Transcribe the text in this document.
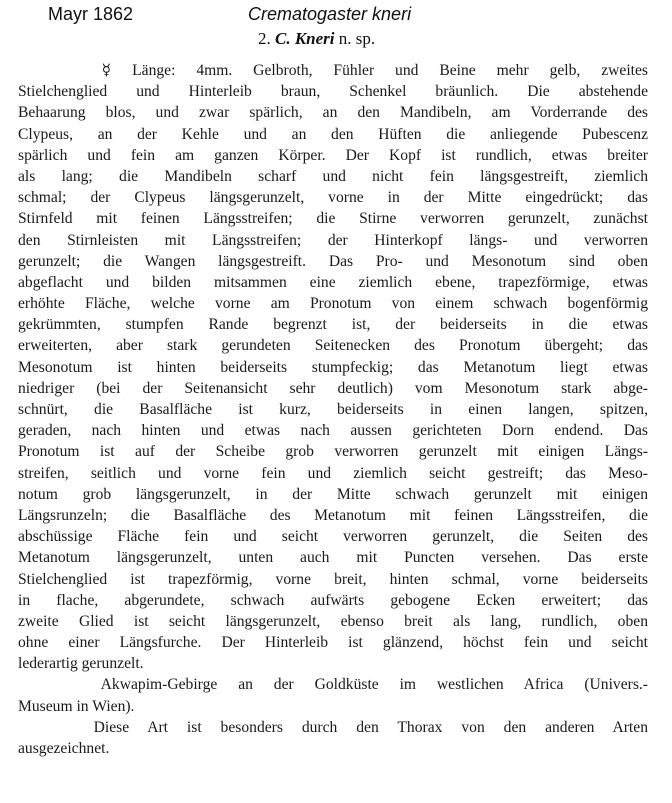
Mayr 1862	Crematogaster kneri
2. C. Kneri n. sp.
☿ Länge: 4mm. Gelbroth, Fühler und Beine mehr gelb, zweites
Stielchenglied und Hinterleib braun, Schenkel bräunlich. Die abstehende
Behaarung blos, und zwar spärlich, an den Mandibeln, am Vorderrande des
Clypeus, an der Kehle und an den Hüften die anliegende Pubescenz
spärlich und fein am ganzen Körper. Der Kopf ist rundlich, etwas breiter
als lang; die Mandibeln scharf und nicht fein längsgestreift, ziemlich
schmal; der Clypeus längsgerunzelt, vorne in der Mitte eingedrückt; das
Stirnfeld mit feinen Längsstreifen; die Stirne verworren gerunzelt, zunächst
den Stirnleisten mit Längsstreifen; der Hinterkopf längs- und verworren
gerunzelt; die Wangen längsgestreift. Das Pro- und Mesonotum sind oben
abgeflacht und bilden mitsammen eine ziemlich ebene, trapezförmige, etwas
erhöhte Fläche, welche vorne am Pronotum von einem schwach bogenförmig
gekrümmten, stumpfen Rande begrenzt ist, der beiderseits in die etwas
erweiterten, aber stark gerundeten Seitenecken des Pronotum übergeht; das
Mesonotum ist hinten beiderseits stumpfeckig; das Metanotum liegt etwas
niedriger (bei der Seitenansicht sehr deutlich) vom Mesonotum stark abge-
schnürt, die Basalfläche ist kurz, beiderseits in einen langen, spitzen,
geraden, nach hinten und etwas nach aussen gerichteten Dorn endend. Das
Pronotum ist auf der Scheibe grob verworren gerunzelt mit einigen Längs-
streifen, seitlich und vorne fein und ziemlich seicht gestreift; das Meso-
notum grob längsgerunzelt, in der Mitte schwach gerunzelt mit einigen
Längsrunzeln; die Basalfläche des Metanotum mit feinen Längsstreifen, die
abschüssige Fläche fein und seicht verworren gerunzelt, die Seiten des
Metanotum längsgerunzelt, unten auch mit Puncten versehen. Das erste
Stielchenglied ist trapezförmig, vorne breit, hinten schmal, vorne beiderseits
in flache, abgerundete, schwach aufwärts gebogene Ecken erweitert; das
zweite Glied ist seicht längsgerunzelt, ebenso breit als lang, rundlich, oben
ohne einer Längsfurche. Der Hinterleib ist glänzend, höchst fein und seicht
lederartig gerunzelt.
Akwapim-Gebirge an der Goldküste im westlichen Africa (Univers.-
Museum in Wien).
Diese Art ist besonders durch den Thorax von den anderen Arten
ausgezeichnet.
